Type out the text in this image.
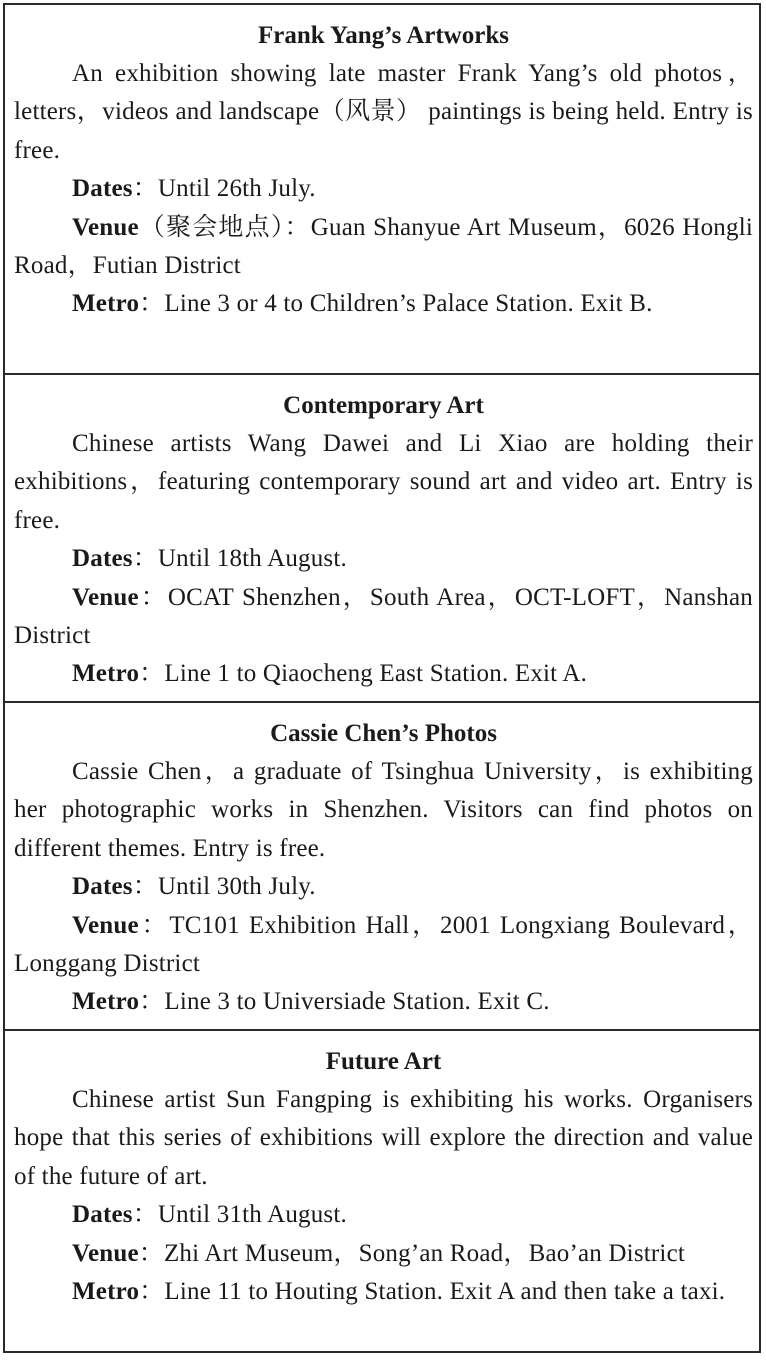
Frank Yang’s Artworks

An exhibition showing late master Frank Yang’s old photos，letters，videos and landscape（风景） paintings is being held. Entry is free.

Dates：Until 26th July.

Venue（聚会地点）：Guan Shanyue Art Museum，6026 Hongli Road，Futian District

Metro：Line 3 or 4 to Children’s Palace Station. Exit B.

Contemporary Art

Chinese artists Wang Dawei and Li Xiao are holding their exhibitions，featuring contemporary sound art and video art. Entry is free.

Dates：Until 18th August.

Venue：OCAT Shenzhen，South Area，OCT-LOFT，Nanshan District

Metro：Line 1 to Qiaocheng East Station. Exit A.

Cassie Chen’s Photos

Cassie Chen，a graduate of Tsinghua University，is exhibiting her photographic works in Shenzhen. Visitors can find photos on different themes. Entry is free.

Dates：Until 30th July.

Venue：TC101 Exhibition Hall，2001 Longxiang Boulevard，Longgang District

Metro：Line 3 to Universiade Station. Exit C.

Future Art

Chinese artist Sun Fangping is exhibiting his works. Organisers hope that this series of exhibitions will explore the direction and value of the future of art.

Dates：Until 31th August.

Venue：Zhi Art Museum，Song’an Road，Bao’an District

Metro：Line 11 to Houting Station. Exit A and then take a taxi.
